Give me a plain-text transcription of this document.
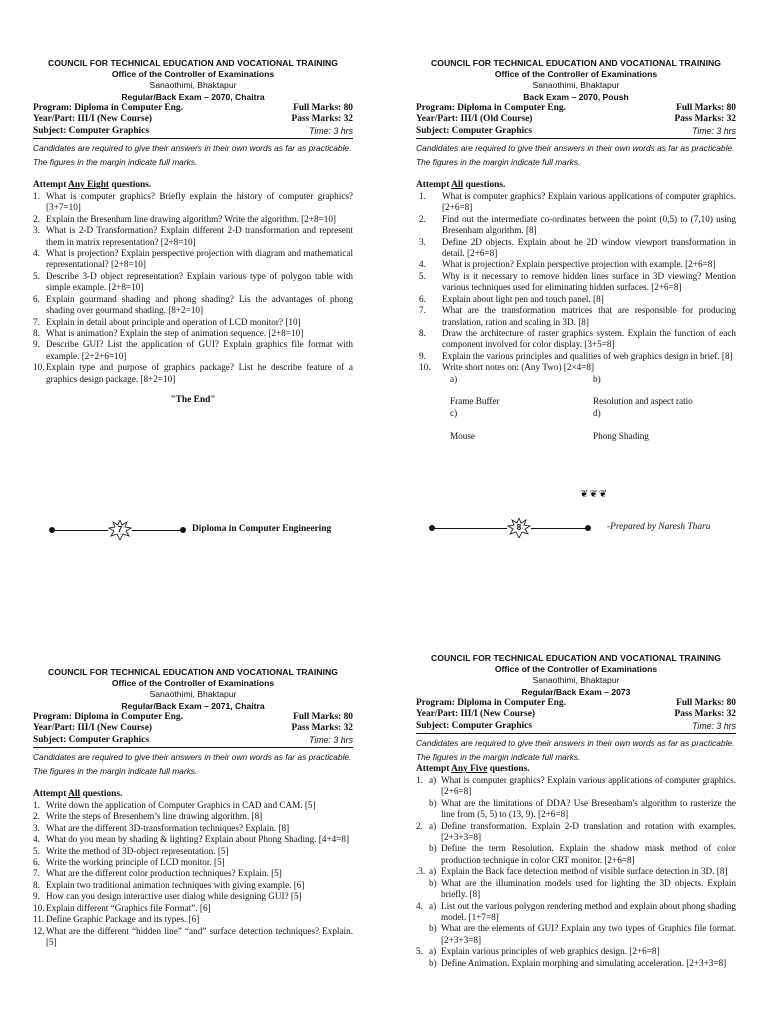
COUNCIL FOR TECHNICAL EDUCATION AND VOCATIONAL TRAINING
Office of the Controller of Examinations
Sanaothimi, Bhaktapur
Regular/Back Exam – 2070, Chaitra
Program: Diploma in Computer Eng.	Full Marks: 80
Year/Part: III/I (New Course)	Pass Marks: 32
Subject: Computer Graphics	Time: 3 hrs
Candidates are required to give their answers in their own words as far as practicable. The figures in the margin indicate full marks.
Attempt Any Eight questions.
1. What is computer graphics? Briefly explain the history of computer graphics? [3+7=10]
2. Explain the Bresenham line drawing algorithm? Write the algorithm. [2+8=10]
3. What is 2-D Transformation? Explain different 2-D transformation and represent them in matrix representation? [2+8=10]
4. What is projection? Explain perspective projection with diagram and mathematical representational? [2+8=10]
5. Describe 3-D object representation? Explain various type of polygon table with simple example. [2+8=10]
6. Explain gourmand shading and phong shading? Lis the advantages of phong shading over gourmand shading. [8+2=10]
7. Explain in detail about principle and operation of LCD monitor? [10]
8. What is animation? Explain the step of animation sequence. [2+8=10]
9. Describe GUI? List the application of GUI? Explain graphics file format with example. [2+2+6=10]
10. Explain type and purpose of graphics package? List he describe feature of a graphics design package. [8+2=10]
"The End"
7	Diploma in Computer Engineering
COUNCIL FOR TECHNICAL EDUCATION AND VOCATIONAL TRAINING
Office of the Controller of Examinations
Sanaothimi, Bhaktapur
Back Exam – 2070, Poush
Program: Diploma in Computer Eng.	Full Marks: 80
Year/Part: III/I (Old Course)	Pass Marks: 32
Subject: Computer Graphics	Time: 3 hrs
Candidates are required to give their answers in their own words as far as practicable. The figures in the margin indicate full marks.
Attempt All questions.
1. What is computer graphics? Explain various applications of computer graphics. [2+6=8]
2. Find out the intermediate co-ordinates between the point (0,5) to (7,10) using Bresenham algorithm. [8]
3. Define 2D objects. Explain about he 2D window viewport transformation in detail. [2+6=8]
4. What is projection? Explain perspective projection with example. [2+6=8]
5. Why is it necessary to remove hidden lines surface in 3D viewing? Mention various techniques used for eliminating hidden surfaces. [2+6=8]
6. Explain about light pen and touch panel. [8]
7. What are the transformation matrices that are responsible for producing translation, ration and scaling in 3D. [8]
8. Draw the architecture of raster graphics system. Explain the function of each component involved for color display. [3+5=8]
9. Explain the various principles and qualities of web graphics design in brief. [8]
10. Write short notes on: (Any Two) [2×4=8]
a)

Frame Buffer
b)

Resolution and aspect ratio
c)

Mouse
d)

Phong Shading
❦❦❦
8	-Prepared by Naresh Tharu
COUNCIL FOR TECHNICAL EDUCATION AND VOCATIONAL TRAINING
Office of the Controller of Examinations
Sanaothimi, Bhaktapur
Regular/Back Exam – 2071, Chaitra
Program: Diploma in Computer Eng.	Full Marks: 80
Year/Part: III/I (New Course)	Pass Marks: 32
Subject: Computer Graphics	Time: 3 hrs
Candidates are required to give their answers in their own words as far as practicable. The figures in the margin indicate full marks.
Attempt All questions.
1. Write down the application of Computer Graphics in CAD and CAM. [5]
2. Write the steps of Bresenhem’s line drawing algorithm. [8]
3. What are the different 3D-transformation techniques? Explain. [8]
4. What do you mean by shading & lighting? Explain about Phong Shading. [4+4=8]
5. Write the method of 3D-object representation. [5]
6. Write the working principle of LCD monitor. [5]
7. What are the different color production techniques? Explain. [5]
8. Explain two traditional animation techniques with giving example. [6]
9. How can you design interactive user dialog while designing GUI? [5]
10. Explain different “Graphics file Format”. [6]
11. Define Graphic Package and its types. [6]
12. What are the different “hidden line” “and” surface detection techniques? Explain. [5]
COUNCIL FOR TECHNICAL EDUCATION AND VOCATIONAL TRAINING
Office of the Controller of Examinations
Sanaothimi, Bhaktapur
Regular/Back Exam – 2073
Program: Diploma in Computer Eng.	Full Marks: 80
Year/Part: III/I (New Course)	Pass Marks: 32
Subject: Computer Graphics	Time: 3 hrs
Candidates are required to give their answers in their own words as far as practicable. The figures in the margin indicate full marks.
Attempt Any Five questions.
1. a) What is computer graphics? Explain various applications of computer graphics. [2+6=8]
b) What are the limitations of DDA? Use Bresenham's algorithm to rasterize the line from (5, 5) to (13, 9). [2+6=8]
2. a) Define transformation. Explain 2-D translation and rotation with examples. [2+3+3=8]
b) Define the term Resolution. Explain the shadow mask method of color production technique in color CRT monitor. [2+6=8]
.3. a) Explain the Back face detection method of visible surface detection in 3D. [8]
b) What are the illumination models used for lighting the 3D objects. Explain briefly. [8]
4. a) List out the various polygon rendering method and explain about phong shading model. [1+7=8]
b) What are the elements of GUI? Explain any two types of Graphics file format. [2+3+3=8]
5. a) Explain various principles of web graphics design. [2+6=8]
b) Define Animation. Explain morphing and simulating acceleration. [2+3+3=8]
